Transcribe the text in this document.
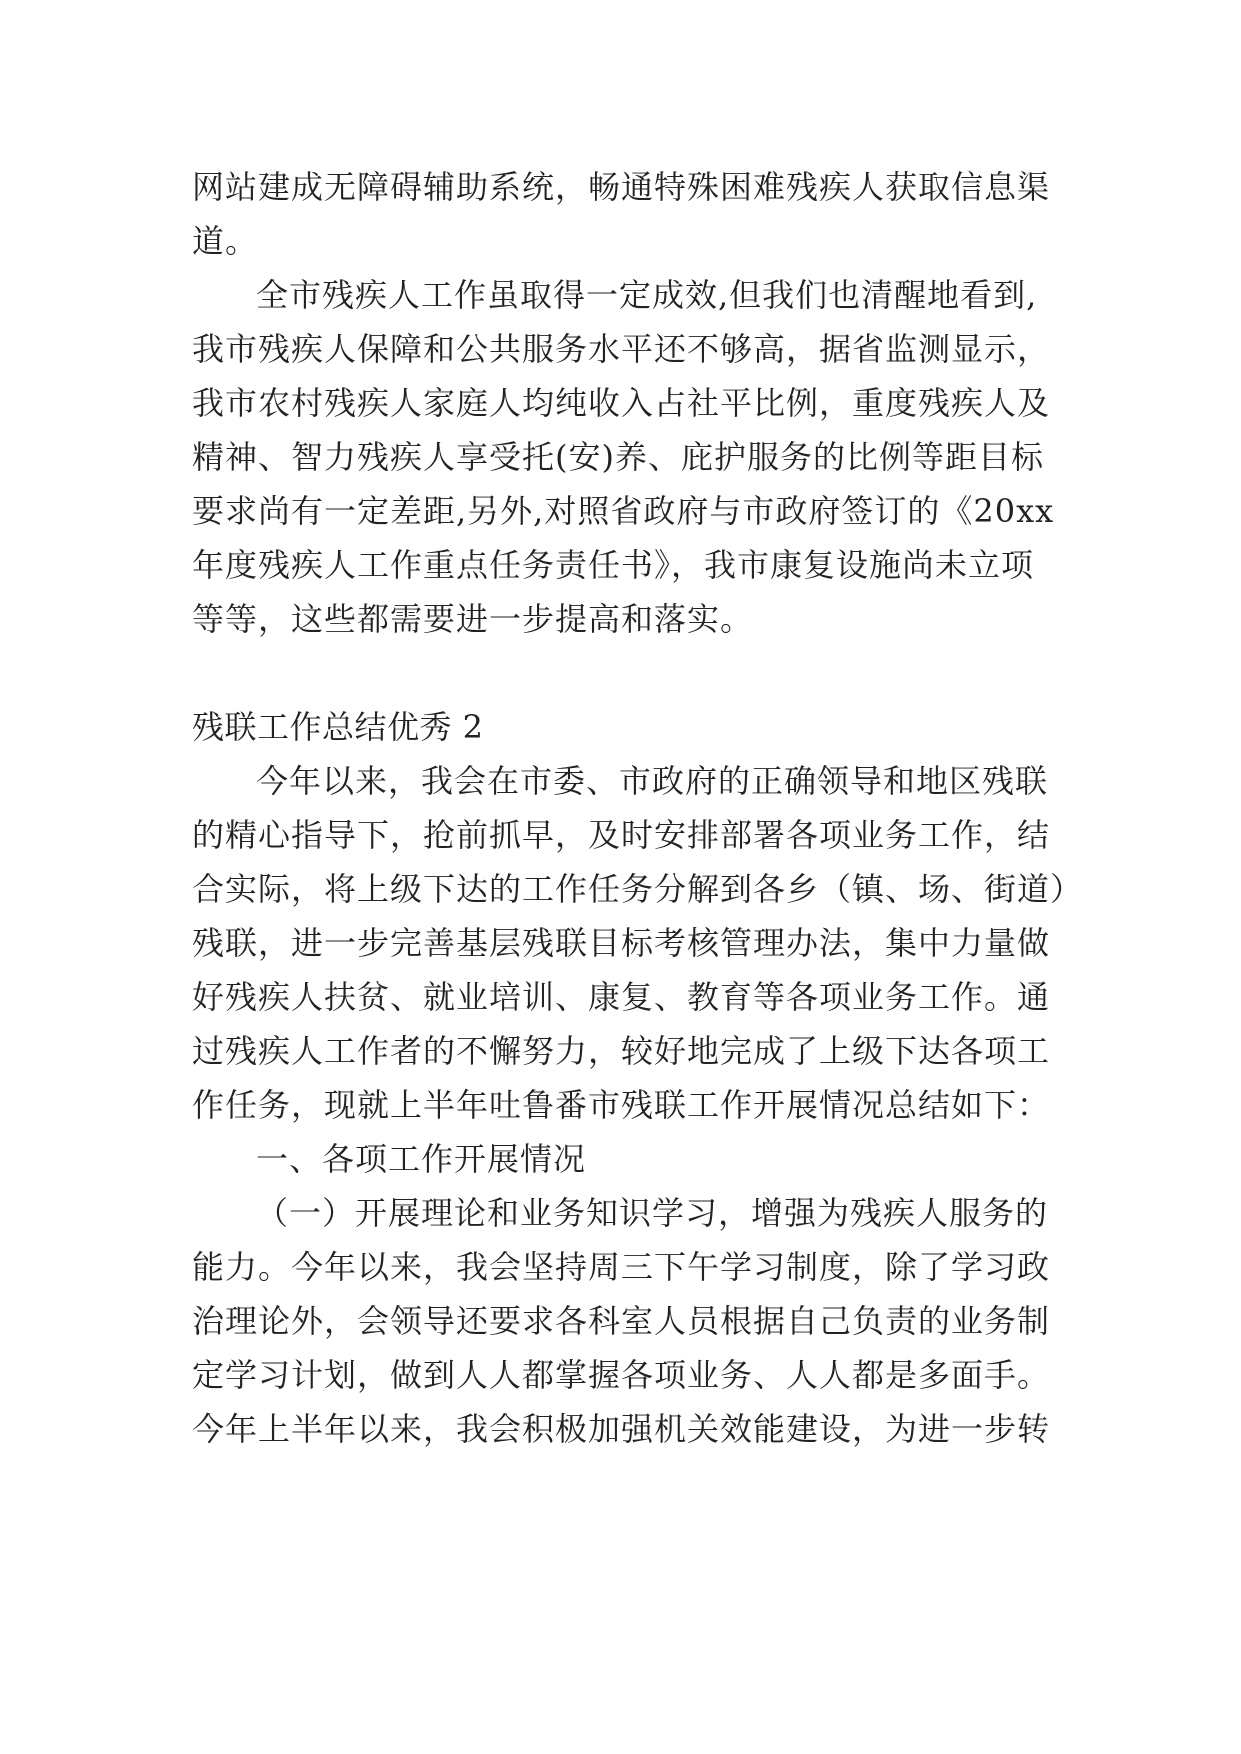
网站建成无障碍辅助系统，畅通特殊困难残疾人获取信息渠
道。
全市残疾人工作虽取得一定成效,但我们也清醒地看到,
我市残疾人保障和公共服务水平还不够高，据省监测显示，
我市农村残疾人家庭人均纯收入占社平比例，重度残疾人及
精神、智力残疾人享受托(安)养、庇护服务的比例等距目标
要求尚有一定差距,另外,对照省政府与市政府签订的《20xx
年度残疾人工作重点任务责任书》，我市康复设施尚未立项
等等，这些都需要进一步提高和落实。
残联工作总结优秀 2
今年以来，我会在市委、市政府的正确领导和地区残联
的精心指导下，抢前抓早，及时安排部署各项业务工作，结
合实际，将上级下达的工作任务分解到各乡（镇、场、街道）
残联，进一步完善基层残联目标考核管理办法，集中力量做
好残疾人扶贫、就业培训、康复、教育等各项业务工作。通
过残疾人工作者的不懈努力，较好地完成了上级下达各项工
作任务，现就上半年吐鲁番市残联工作开展情况总结如下：
一、各项工作开展情况
（一）开展理论和业务知识学习，增强为残疾人服务的
能力。今年以来，我会坚持周三下午学习制度，除了学习政
治理论外，会领导还要求各科室人员根据自己负责的业务制
定学习计划，做到人人都掌握各项业务、人人都是多面手。
今年上半年以来，我会积极加强机关效能建设，为进一步转
